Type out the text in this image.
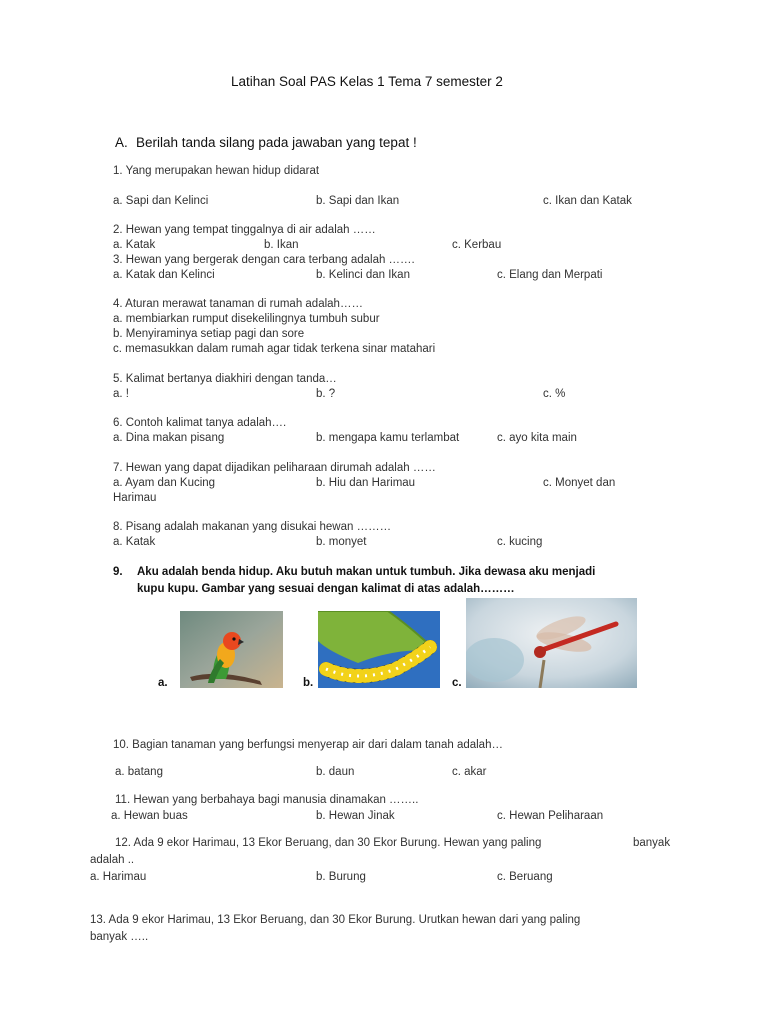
Latihan Soal PAS Kelas 1 Tema 7 semester 2
A. Berilah tanda silang pada jawaban yang tepat !
1. Yang merupakan hewan hidup didarat
a. Sapi dan Kelinci	b. Sapi dan Ikan	c. Ikan dan Katak
2. Hewan yang tempat tinggalnya di air adalah ……
a. Katak	b. Ikan	c. Kerbau
3. Hewan yang bergerak dengan cara terbang adalah …….
a. Katak dan Kelinci	b. Kelinci dan Ikan	c. Elang dan Merpati
4. Aturan merawat tanaman di rumah adalah……
a. membiarkan rumput disekelilingnya tumbuh subur
b. Menyiraminya setiap pagi dan sore
c. memasukkan dalam rumah agar tidak terkena sinar matahari
5. Kalimat bertanya diakhiri dengan tanda…
a. !	b. ?	c. %
6. Contoh kalimat tanya adalah….
a. Dina makan pisang	b. mengapa kamu terlambat	c. ayo kita main
7. Hewan yang dapat dijadikan peliharaan dirumah adalah ……
a. Ayam dan Kucing	b. Hiu dan Harimau	c. Monyet dan
Harimau
8. Pisang adalah makanan yang disukai hewan ………
a. Katak	b. monyet	c. kucing
9. Aku adalah benda hidup. Aku butuh makan untuk tumbuh. Jika dewasa aku menjadi
kupu kupu. Gambar yang sesuai dengan kalimat di atas adalah………
a.	b.	c.
10. Bagian tanaman yang berfungsi menyerap air dari dalam tanah adalah…
a. batang	b. daun	c. akar
11. Hewan yang berbahaya bagi manusia dinamakan ……..
a. Hewan buas	b. Hewan Jinak	c. Hewan Peliharaan
12. Ada 9 ekor Harimau, 13 Ekor Beruang, dan 30 Ekor Burung. Hewan yang paling	banyak
adalah ..
a. Harimau	b. Burung	c. Beruang
13. Ada 9 ekor Harimau, 13 Ekor Beruang, dan 30 Ekor Burung. Urutkan hewan dari yang paling
banyak …..
